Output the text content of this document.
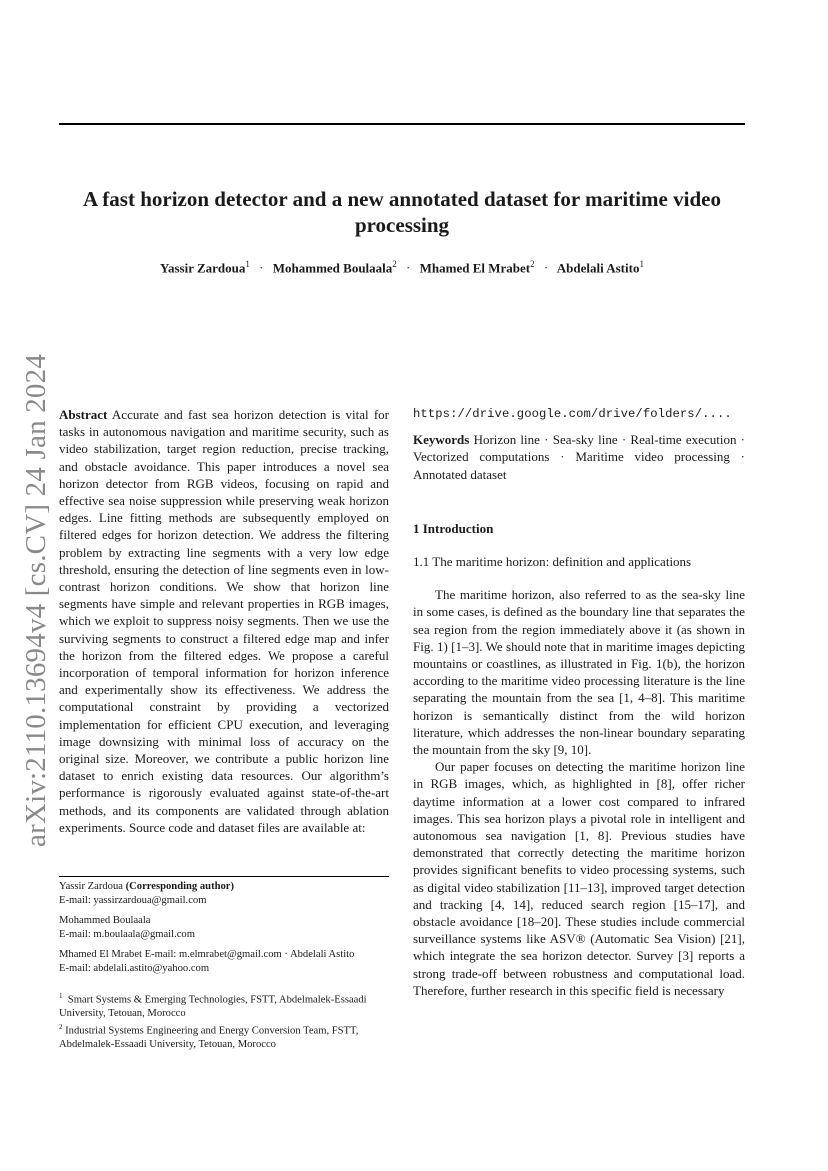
A fast horizon detector and a new annotated dataset for maritime video processing
Yassir Zardoua$^1$ · Mohammed Boulaala$^2$ · Mhamed El Mrabet$^2$ · Abdelali Astito$^1$
arXiv:2110.13694v4 [cs.CV] 24 Jan 2024 Abstract Accurate and fast sea horizon detection is vital for tasks in autonomous navigation and maritime security, such as video stabilization, target region reduction, precise tracking, and obstacle avoidance. This paper introduces a novel sea horizon detector from RGB videos, focusing on rapid and effective sea noise suppression while preserving weak horizon edges. Line fitting methods are subsequently employed on filtered edges for horizon detection. We address the filtering problem by extracting line segments with a very low edge threshold, ensuring the detection of line segments even in low-contrast horizon conditions. We show that horizon line segments have simple and relevant properties in RGB images, which we exploit to suppress noisy segments. Then we use the surviving segments to construct a filtered edge map and infer the horizon from the filtered edges. We propose a careful incorporation of temporal information for horizon inference and experimentally show its effectiveness. We address the computational constraint by providing a vectorized implementation for efficient CPU execution, and leveraging image downsizing with minimal loss of accuracy on the original size. Moreover, we contribute a public horizon line dataset to enrich existing data resources. Our algorithm’s performance is rigorously evaluated against state-of-the-art methods, and its components are validated through ablation experiments. Source code and dataset files are available at:

https://drive.google.com/drive/folders/....

Keywords Horizon line · Sea-sky line · Real-time execution · Vectorized computations · Maritime video processing · Annotated dataset

1 Introduction

1.1 The maritime horizon: definition and applications

The maritime horizon, also referred to as the sea-sky line in some cases, is defined as the boundary line that separates the sea region from the region immediately above it (as shown in Fig. 1) [1–3]. We should note that in maritime images depicting mountains or coastlines, as illustrated in Fig. 1(b), the horizon according to the maritime video processing literature is the line separating the mountain from the sea [1, 4–8]. This maritime horizon is semantically distinct from the wild horizon literature, which addresses the non-linear boundary separating the mountain from the sky [9, 10].

Our paper focuses on detecting the maritime horizon line in RGB images, which, as highlighted in [8], offer richer daytime information at a lower cost compared to infrared images. This sea horizon plays a pivotal role in intelligent and autonomous sea navigation [1, 8]. Previous studies have demonstrated that correctly detecting the maritime horizon provides significant benefits to video processing systems, such as digital video stabilization [11–13], improved target detection and tracking [4, 14], reduced search region [15–17], and obstacle avoidance [18–20]. These studies include commercial surveillance systems like ASV® (Automatic Sea Vision) [21], which integrate the sea horizon detector. Survey [3] reports a strong trade-off between robustness and computational load. Therefore, further research in this specific field is necessary

Yassir Zardoua (Corresponding author)

E-mail: yassirzardoua@gmail.com

Mohammed Boulaala

E-mail: m.boulaala@gmail.com

Mhamed El Mrabet E-mail: m.elmrabet@gmail.com · Abdelali Astito

E-mail: abdelali.astito@yahoo.com

$^1$ Smart Systems & Emerging Technologies, FSTT, Abdelmalek-Essaadi University, Tetouan, Morocco

$^2$ Industrial Systems Engineering and Energy Conversion Team, FSTT, Abdelmalek-Essaadi University, Tetouan, Morocco
